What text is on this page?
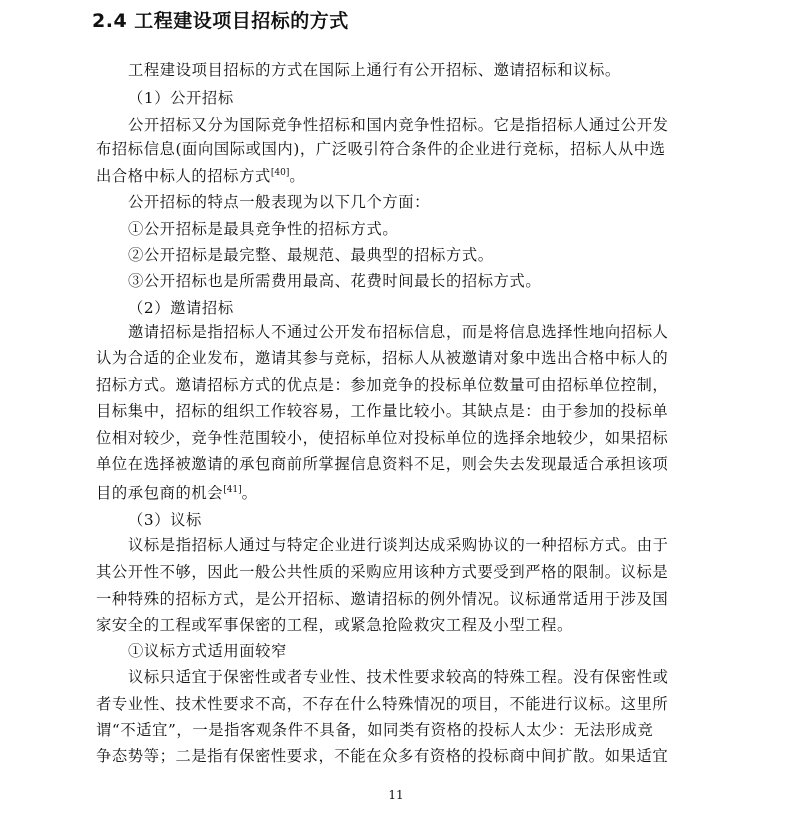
2.4 工程建设项目招标的方式
工程建设项目招标的方式在国际上通行有公开招标、邀请招标和议标。
（1）公开招标
公开招标又分为国际竞争性招标和国内竞争性招标。它是指招标人通过公开发
布招标信息(面向国际或国内)，广泛吸引符合条件的企业进行竞标，招标人从中选
出合格中标人的招标方式[40]。
公开招标的特点一般表现为以下几个方面：
①公开招标是最具竞争性的招标方式。
②公开招标是最完整、最规范、最典型的招标方式。
③公开招标也是所需费用最高、花费时间最长的招标方式。
（2）邀请招标
邀请招标是指招标人不通过公开发布招标信息，而是将信息选择性地向招标人
认为合适的企业发布，邀请其参与竞标，招标人从被邀请对象中选出合格中标人的
招标方式。邀请招标方式的优点是：参加竞争的投标单位数量可由招标单位控制，
目标集中，招标的组织工作较容易，工作量比较小。其缺点是：由于参加的投标单
位相对较少，竞争性范围较小，使招标单位对投标单位的选择余地较少，如果招标
单位在选择被邀请的承包商前所掌握信息资料不足，则会失去发现最适合承担该项
目的承包商的机会[41]。
（3）议标
议标是指招标人通过与特定企业进行谈判达成采购协议的一种招标方式。由于
其公开性不够，因此一般公共性质的采购应用该种方式要受到严格的限制。议标是
一种特殊的招标方式，是公开招标、邀请招标的例外情况。议标通常适用于涉及国
家安全的工程或军事保密的工程，或紧急抢险救灾工程及小型工程。
①议标方式适用面较窄
议标只适宜于保密性或者专业性、技术性要求较高的特殊工程。没有保密性或
者专业性、技术性要求不高，不存在什么特殊情况的项目，不能进行议标。这里所
谓“不适宜”，一是指客观条件不具备，如同类有资格的投标人太少：无法形成竞
争态势等；二是指有保密性要求，不能在众多有资格的投标商中间扩散。如果适宜
11
